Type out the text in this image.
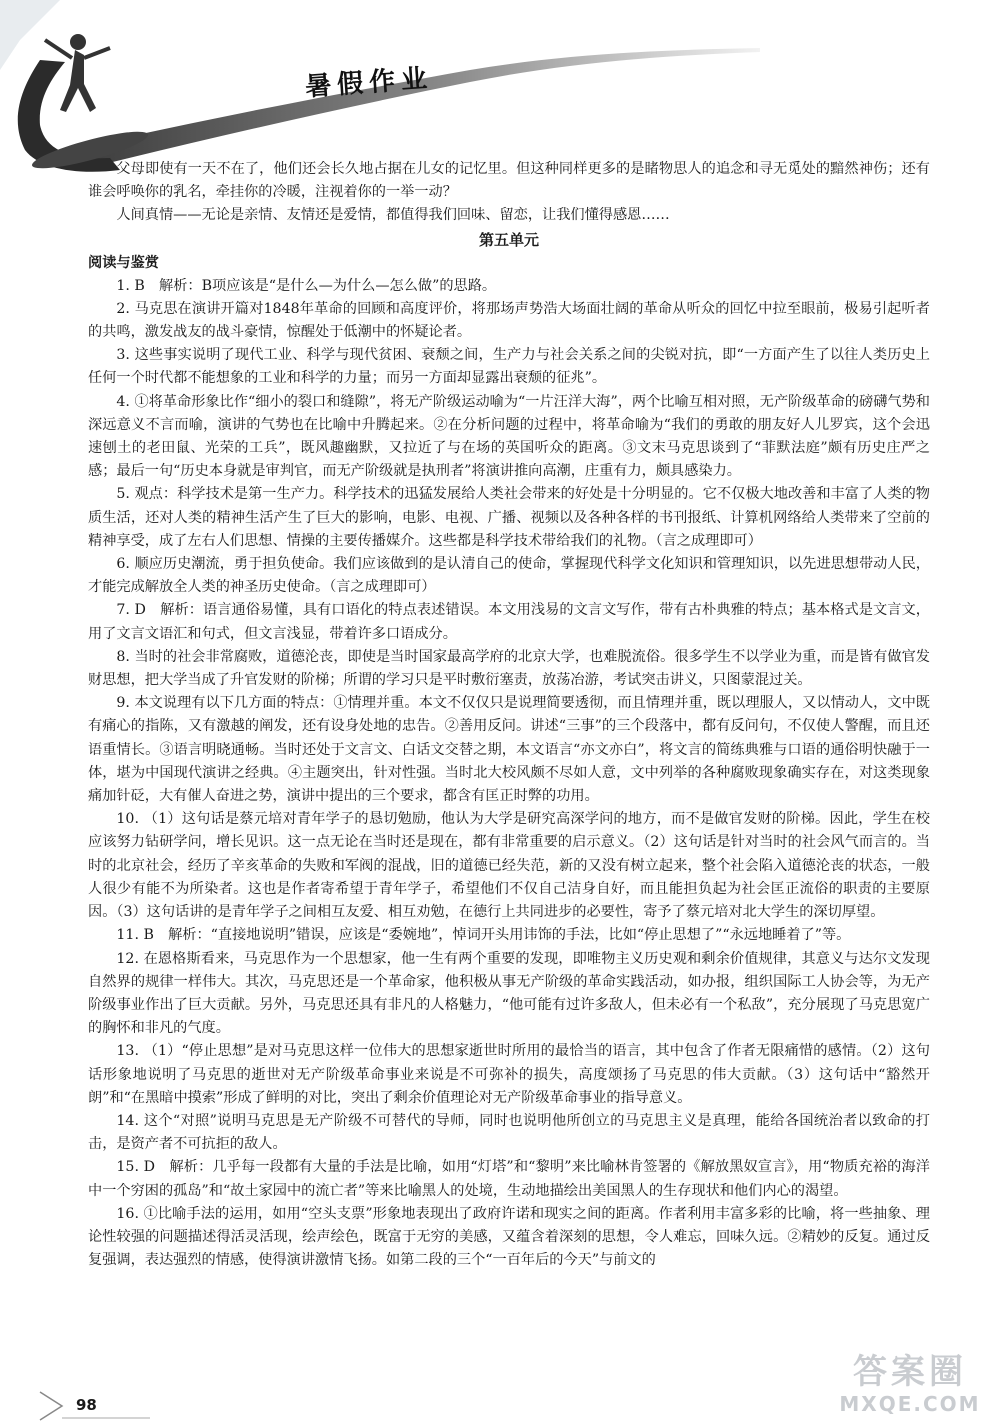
暑假作业

父母即使有一天不在了，他们还会长久地占据在儿女的记忆里。但这种同样更多的是睹物思人的追念和寻无觅处的黯然神伤；还有谁会呼唤你的乳名，牵挂你的冷暖，注视着你的一举一动？

人间真情——无论是亲情、友情还是爱情，都值得我们回味、留恋，让我们懂得感恩……

第五单元
阅读与鉴赏

1. B　解析：B项应该是“是什么—为什么—怎么做”的思路。

2. 马克思在演讲开篇对1848年革命的回顾和高度评价，将那场声势浩大场面壮阔的革命从听众的回忆中拉至眼前，极易引起听者的共鸣，激发战友的战斗豪情，惊醒处于低潮中的怀疑论者。

3. 这些事实说明了现代工业、科学与现代贫困、衰颓之间，生产力与社会关系之间的尖锐对抗，即“一方面产生了以往人类历史上任何一个时代都不能想象的工业和科学的力量；而另一方面却显露出衰颓的征兆”。

4. ①将革命形象比作“细小的裂口和缝隙”，将无产阶级运动喻为“一片汪洋大海”，两个比喻互相对照，无产阶级革命的磅礴气势和深远意义不言而喻，演讲的气势也在比喻中升腾起来。②在分析问题的过程中，将革命喻为“我们的勇敢的朋友好人儿罗宾，这个会迅速刨土的老田鼠、光荣的工兵”，既风趣幽默，又拉近了与在场的英国听众的距离。③文末马克思谈到了“菲默法庭”颇有历史庄严之感；最后一句“历史本身就是审判官，而无产阶级就是执刑者”将演讲推向高潮，庄重有力，颇具感染力。

5. 观点：科学技术是第一生产力。科学技术的迅猛发展给人类社会带来的好处是十分明显的。它不仅极大地改善和丰富了人类的物质生活，还对人类的精神生活产生了巨大的影响，电影、电视、广播、视频以及各种各样的书刊报纸、计算机网络给人类带来了空前的精神享受，成了左右人们思想、情操的主要传播媒介。这些都是科学技术带给我们的礼物。（言之成理即可）

6. 顺应历史潮流，勇于担负使命。我们应该做到的是认清自己的使命，掌握现代科学文化知识和管理知识，以先进思想带动人民，才能完成解放全人类的神圣历史使命。（言之成理即可）

7. D　解析：语言通俗易懂，具有口语化的特点表述错误。本文用浅易的文言文写作，带有古朴典雅的特点；基本格式是文言文，用了文言文语汇和句式，但文言浅显，带着许多口语成分。

8. 当时的社会非常腐败，道德沦丧，即使是当时国家最高学府的北京大学，也难脱流俗。很多学生不以学业为重，而是皆有做官发财思想，把大学当成了升官发财的阶梯；所谓的学习只是平时敷衍塞责，放荡冶游，考试突击讲义，只图蒙混过关。

9. 本文说理有以下几方面的特点：①情理并重。本文不仅仅只是说理简要透彻，而且情理并重，既以理服人，又以情动人，文中既有痛心的指陈，又有激越的阐发，还有设身处地的忠告。②善用反问。讲述“三事”的三个段落中，都有反问句，不仅使人警醒，而且还语重情长。③语言明晓通畅。当时还处于文言文、白话文交替之期，本文语言“亦文亦白”，将文言的简练典雅与口语的通俗明快融于一体，堪为中国现代演讲之经典。④主题突出，针对性强。当时北大校风颇不尽如人意，文中列举的各种腐败现象确实存在，对这类现象痛加针砭，大有催人奋进之势，演讲中提出的三个要求，都含有匡正时弊的功用。

10. （1）这句话是蔡元培对青年学子的恳切勉励，他认为大学是研究高深学问的地方，而不是做官发财的阶梯。因此，学生在校应该努力钻研学问，增长见识。这一点无论在当时还是现在，都有非常重要的启示意义。（2）这句话是针对当时的社会风气而言的。当时的北京社会，经历了辛亥革命的失败和军阀的混战，旧的道德已经失范，新的又没有树立起来，整个社会陷入道德沦丧的状态，一般人很少有能不为所染者。这也是作者寄希望于青年学子，希望他们不仅自己洁身自好，而且能担负起为社会匡正流俗的职责的主要原因。（3）这句话讲的是青年学子之间相互友爱、相互劝勉，在德行上共同进步的必要性，寄予了蔡元培对北大学生的深切厚望。

11. B　解析：“直接地说明”错误，应该是“委婉地”，悼词开头用讳饰的手法，比如“停止思想了”“永远地睡着了”等。

12. 在恩格斯看来，马克思作为一个思想家，他一生有两个重要的发现，即唯物主义历史观和剩余价值规律，其意义与达尔文发现自然界的规律一样伟大。其次，马克思还是一个革命家，他积极从事无产阶级的革命实践活动，如办报，组织国际工人协会等，为无产阶级事业作出了巨大贡献。另外，马克思还具有非凡的人格魅力，“他可能有过许多敌人，但未必有一个私敌”，充分展现了马克思宽广的胸怀和非凡的气度。

13. （1）“停止思想”是对马克思这样一位伟大的思想家逝世时所用的最恰当的语言，其中包含了作者无限痛惜的感情。（2）这句话形象地说明了马克思的逝世对无产阶级革命事业来说是不可弥补的损失，高度颂扬了马克思的伟大贡献。（3）这句话中“豁然开朗”和“在黑暗中摸索”形成了鲜明的对比，突出了剩余价值理论对无产阶级革命事业的指导意义。

14. 这个“对照”说明马克思是无产阶级不可替代的导师，同时也说明他所创立的马克思主义是真理，能给各国统治者以致命的打击，是资产者不可抗拒的敌人。

15. D　解析：几乎每一段都有大量的手法是比喻，如用“灯塔”和“黎明”来比喻林肯签署的《解放黑奴宣言》，用“物质充裕的海洋中一个穷困的孤岛”和“故土家园中的流亡者”等来比喻黑人的处境，生动地描绘出美国黑人的生存现状和他们内心的渴望。

16. ①比喻手法的运用，如用“空头支票”形象地表现出了政府许诺和现实之间的距离。作者利用丰富多彩的比喻，将一些抽象、理论性较强的问题描述得活灵活现，绘声绘色，既富于无穷的美感，又蕴含着深刻的思想，令人难忘，回味久远。②精妙的反复。通过反复强调，表达强烈的情感，使得演讲激情飞扬。如第二段的三个“一百年后的今天”与前文的

98
答案圈
MXQE.COM
